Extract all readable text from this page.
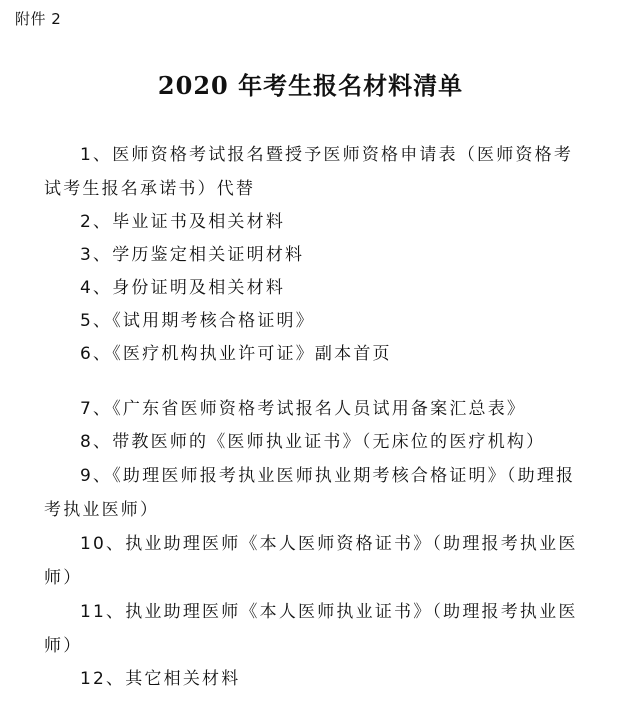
附件 2
2020 年考生报名材料清单
1、医师资格考试报名暨授予医师资格申请表（医师资格考试考生报名承诺书）代替
2、毕业证书及相关材料
3、学历鉴定相关证明材料
4、身份证明及相关材料
5、《试用期考核合格证明》
6、《医疗机构执业许可证》副本首页
7、《广东省医师资格考试报名人员试用备案汇总表》
8、带教医师的《医师执业证书》（无床位的医疗机构）
9、《助理医师报考执业医师执业期考核合格证明》（助理报考执业医师）
10、执业助理医师《本人医师资格证书》（助理报考执业医师）
11、执业助理医师《本人医师执业证书》（助理报考执业医师）
12、其它相关材料
